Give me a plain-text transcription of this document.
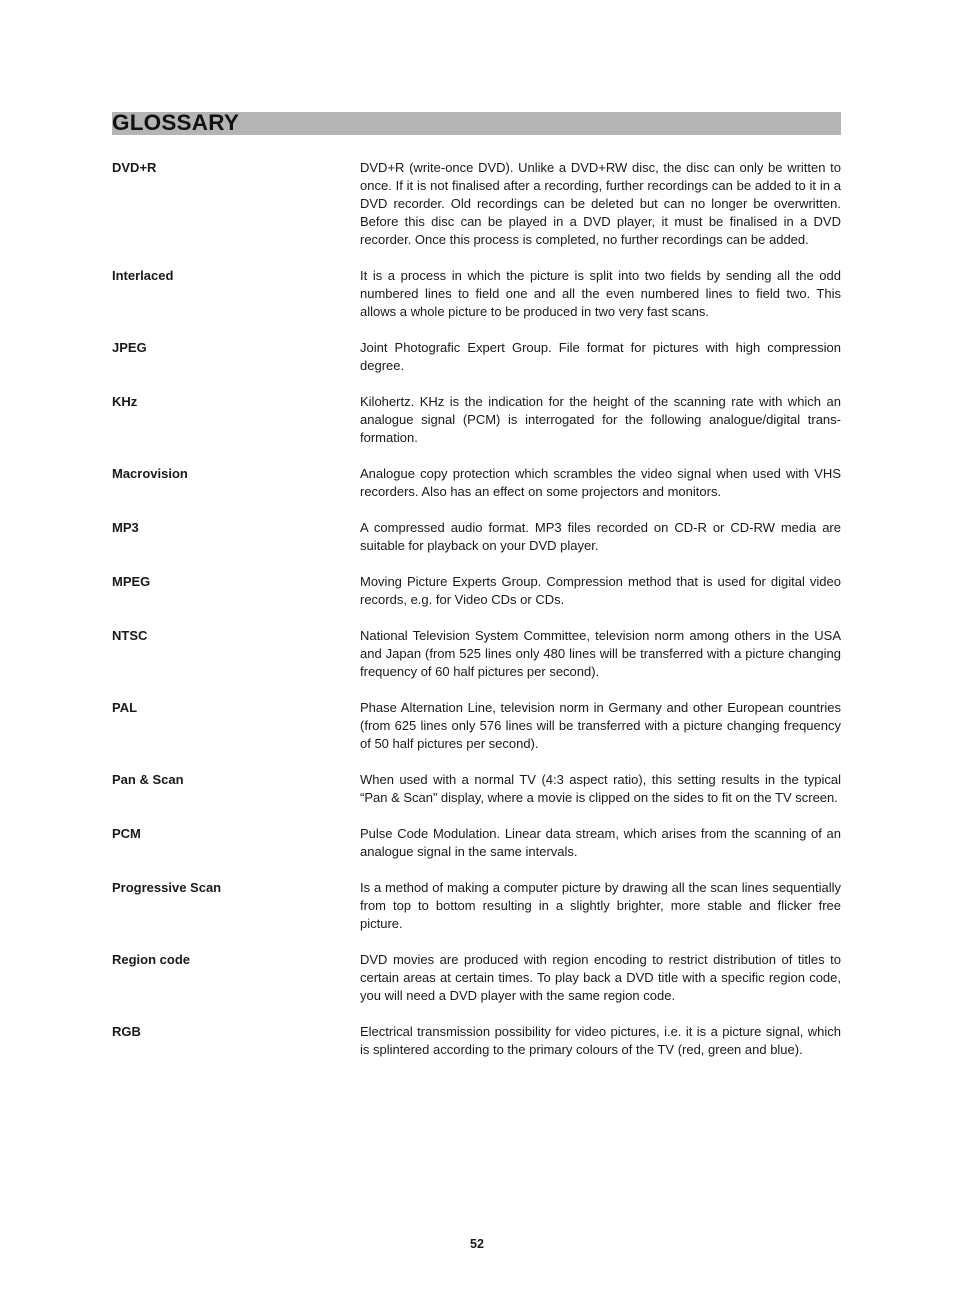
GLOSSARY
DVD+R	DVD+R (write-once DVD). Unlike a DVD+RW disc, the disc can only be written to once. If it is not finalised after a recording, further recordings can be added to it in a DVD recorder. Old recordings can be deleted but can no longer be overwritten. Before this disc can be played in a DVD player, it must be finalised in a DVD recorder. Once this process is completed, no further recordings can be added.
Interlaced	It is a process in which the picture is split into two fields by sending all the odd numbered lines to field one and all the even numbered lines to field two. This allows a whole picture to be produced in two very fast scans.
JPEG	Joint Photografic Expert Group. File format for pictures with high compression degree.
KHz	Kilohertz. KHz is the indication for the height of the scanning rate with which an analogue signal (PCM) is interrogated for the following analogue/digital transformation.
Macrovision	Analogue copy protection which scrambles the video signal when used with VHS recorders. Also has an effect on some projectors and monitors.
MP3	A compressed audio format. MP3 files recorded on CD-R or CD-RW media are suitable for playback on your DVD player.
MPEG	Moving Picture Experts Group. Compression method that is used for digital video records, e.g. for Video CDs or CDs.
NTSC	National Television System Committee, television norm among others in the USA and Japan (from 525 lines only 480 lines will be transferred with a picture changing frequency of 60 half pictures per second).
PAL	Phase Alternation Line, television norm in Germany and other European countries (from 625 lines only 576 lines will be transferred with a picture changing frequency of 50 half pictures per second).
Pan & Scan	When used with a normal TV (4:3 aspect ratio), this setting results in the typical “Pan & Scan” display, where a movie is clipped on the sides to fit on the TV screen.
PCM	Pulse Code Modulation. Linear data stream, which arises from the scanning of an analogue signal in the same intervals.
Progressive Scan	Is a method of making a computer picture by drawing all the scan lines sequentially from top to bottom resulting in a slightly brighter, more stable and flicker free picture.
Region code	DVD movies are produced with region encoding to restrict distribution of titles to certain areas at certain times. To play back a DVD title with a specific region code, you will need a DVD player with the same region code.
RGB	Electrical transmission possibility for video pictures, i.e. it is a picture signal, which is splintered according to the primary colours of the TV (red, green and blue).
52
